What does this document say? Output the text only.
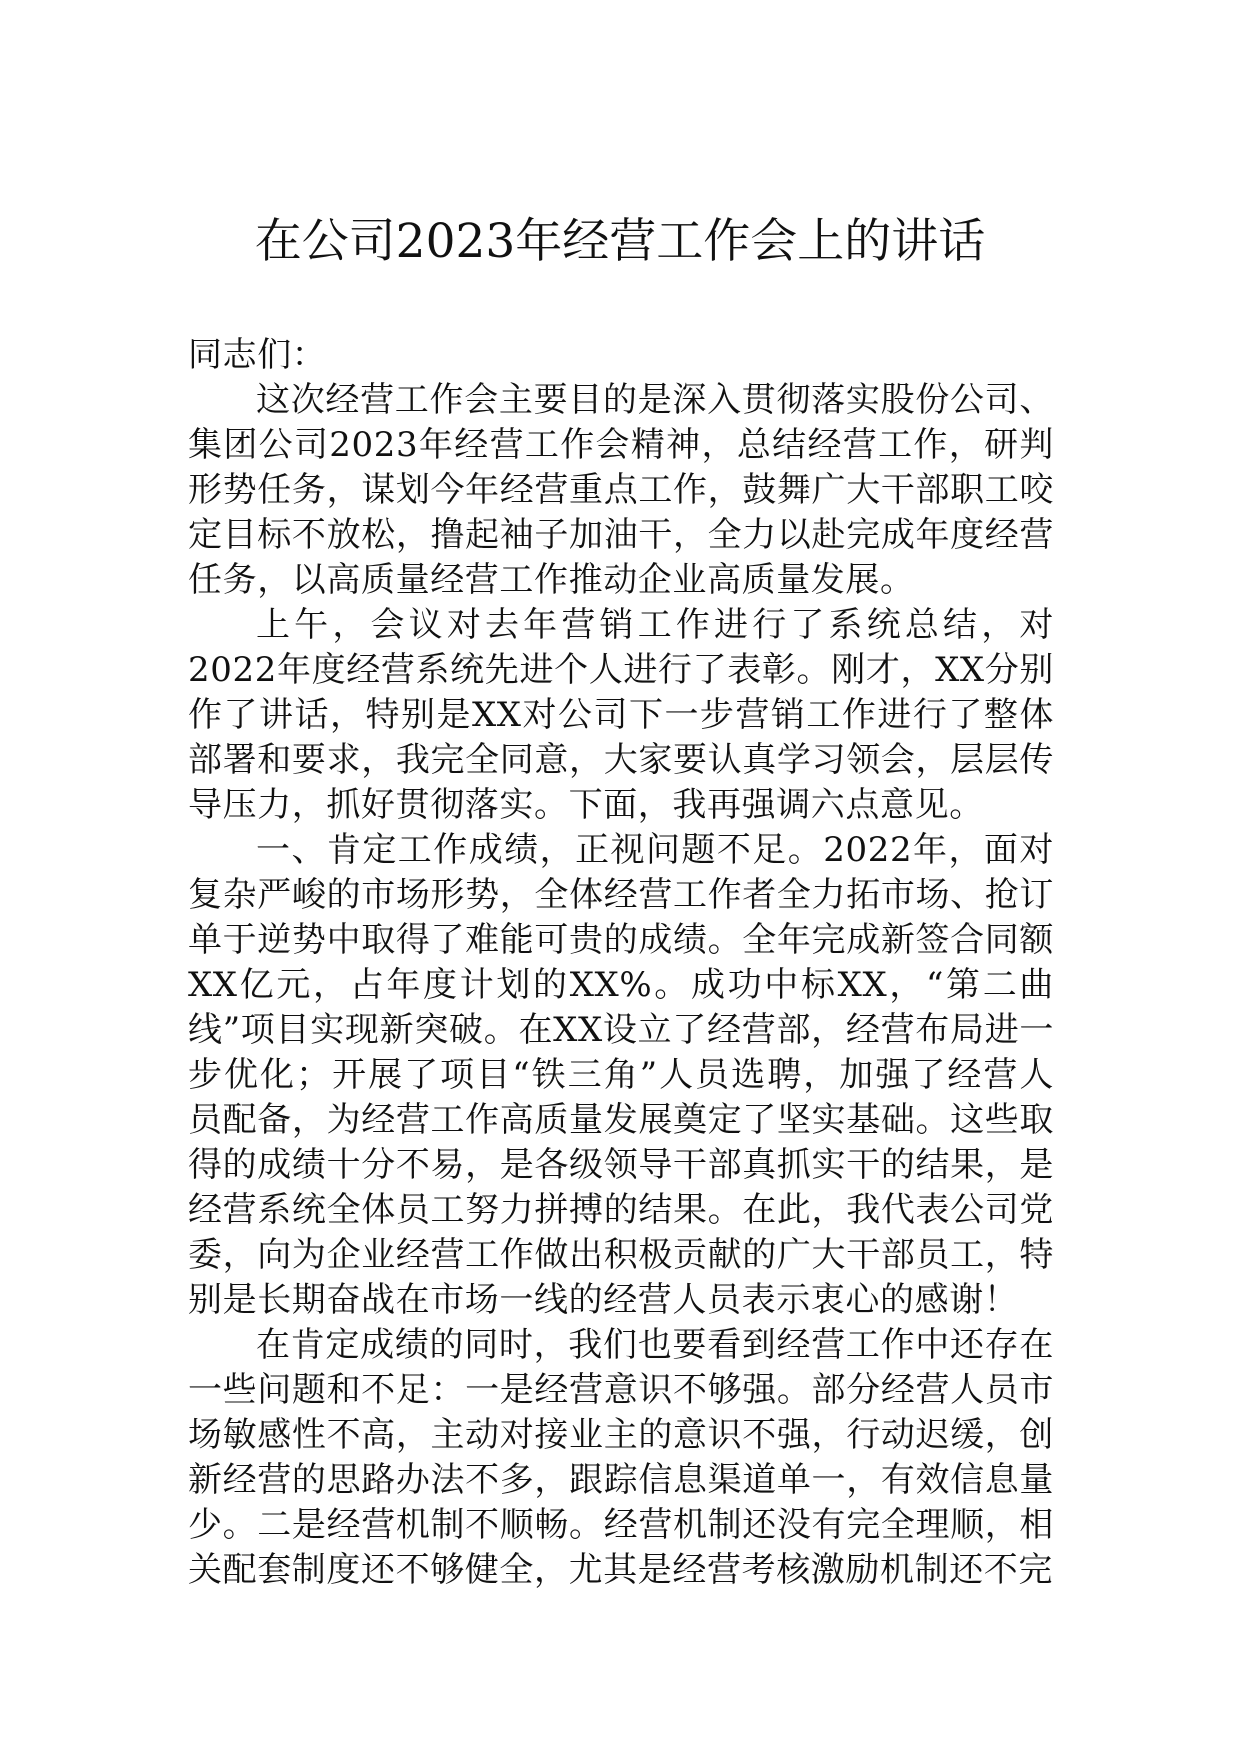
在公司2023年经营工作会上的讲话

同志们：

这次经营工作会主要目的是深入贯彻落实股份公司、集团公司2023年经营工作会精神，总结经营工作，研判形势任务，谋划今年经营重点工作，鼓舞广大干部职工咬定目标不放松，撸起袖子加油干，全力以赴完成年度经营任务，以高质量经营工作推动企业高质量发展。

上午，会议对去年营销工作进行了系统总结，对2022年度经营系统先进个人进行了表彰。刚才，XX分别作了讲话，特别是XX对公司下一步营销工作进行了整体部署和要求，我完全同意，大家要认真学习领会，层层传导压力，抓好贯彻落实。下面，我再强调六点意见。

一、肯定工作成绩，正视问题不足。2022年，面对复杂严峻的市场形势，全体经营工作者全力拓市场、抢订单于逆势中取得了难能可贵的成绩。全年完成新签合同额XX亿元，占年度计划的XX%。成功中标XX，“第二曲线”项目实现新突破。在XX设立了经营部，经营布局进一步优化；开展了项目“铁三角”人员选聘，加强了经营人员配备，为经营工作高质量发展奠定了坚实基础。这些取得的成绩十分不易，是各级领导干部真抓实干的结果，是经营系统全体员工努力拼搏的结果。在此，我代表公司党委，向为企业经营工作做出积极贡献的广大干部员工，特别是长期奋战在市场一线的经营人员表示衷心的感谢！

在肯定成绩的同时，我们也要看到经营工作中还存在一些问题和不足：一是经营意识不够强。部分经营人员市场敏感性不高，主动对接业主的意识不强，行动迟缓，创新经营的思路办法不多，跟踪信息渠道单一，有效信息量少。二是经营机制不顺畅。经营机制还没有完全理顺，相关配套制度还不够健全，尤其是经营考核激励机制还不完
